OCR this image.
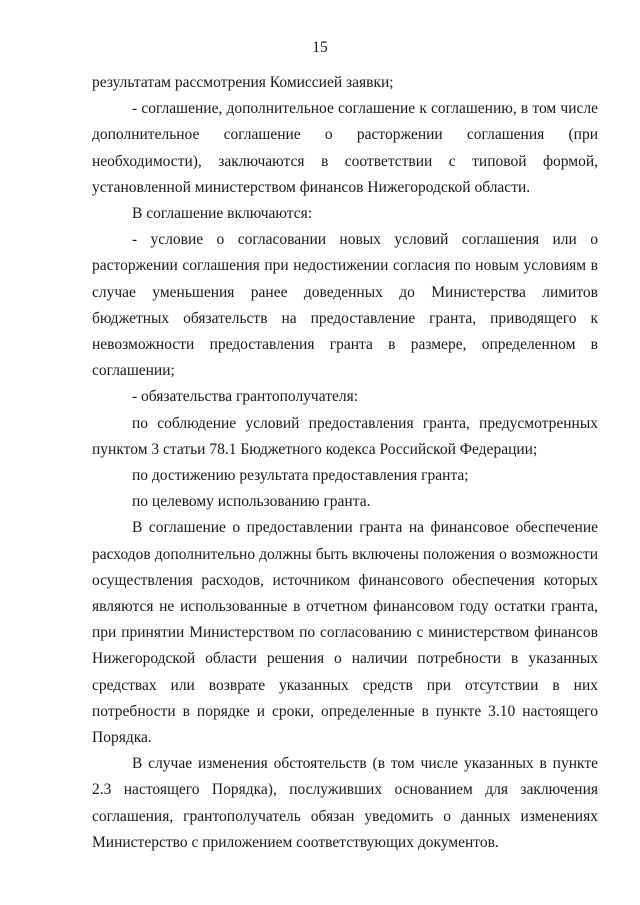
15

результатам рассмотрения Комиссией заявки;

- соглашение, дополнительное соглашение к соглашению, в том числе дополнительное соглашение о расторжении соглашения (при необходимости), заключаются в соответствии с типовой формой, установленной министерством финансов Нижегородской области.

В соглашение включаются:

- условие о согласовании новых условий соглашения или о расторжении соглашения при недостижении согласия по новым условиям в случае уменьшения ранее доведенных до Министерства лимитов бюджетных обязательств на предоставление гранта, приводящего к невозможности предоставления гранта в размере, определенном в соглашении;

- обязательства грантополучателя:

по соблюдение условий предоставления гранта, предусмотренных пунктом 3 статьи 78.1 Бюджетного кодекса Российской Федерации;

по достижению результата предоставления гранта;

по целевому использованию гранта.

В соглашение о предоставлении гранта на финансовое обеспечение расходов дополнительно должны быть включены положения о возможности осуществления расходов, источником финансового обеспечения которых являются не использованные в отчетном финансовом году остатки гранта, при принятии Министерством по согласованию с министерством финансов Нижегородской области решения о наличии потребности в указанных средствах или возврате указанных средств при отсутствии в них потребности в порядке и сроки, определенные в пункте 3.10 настоящего Порядка.

В случае изменения обстоятельств (в том числе указанных в пункте 2.3 настоящего Порядка), послуживших основанием для заключения соглашения, грантополучатель обязан уведомить о данных изменениях Министерство с приложением соответствующих документов.
